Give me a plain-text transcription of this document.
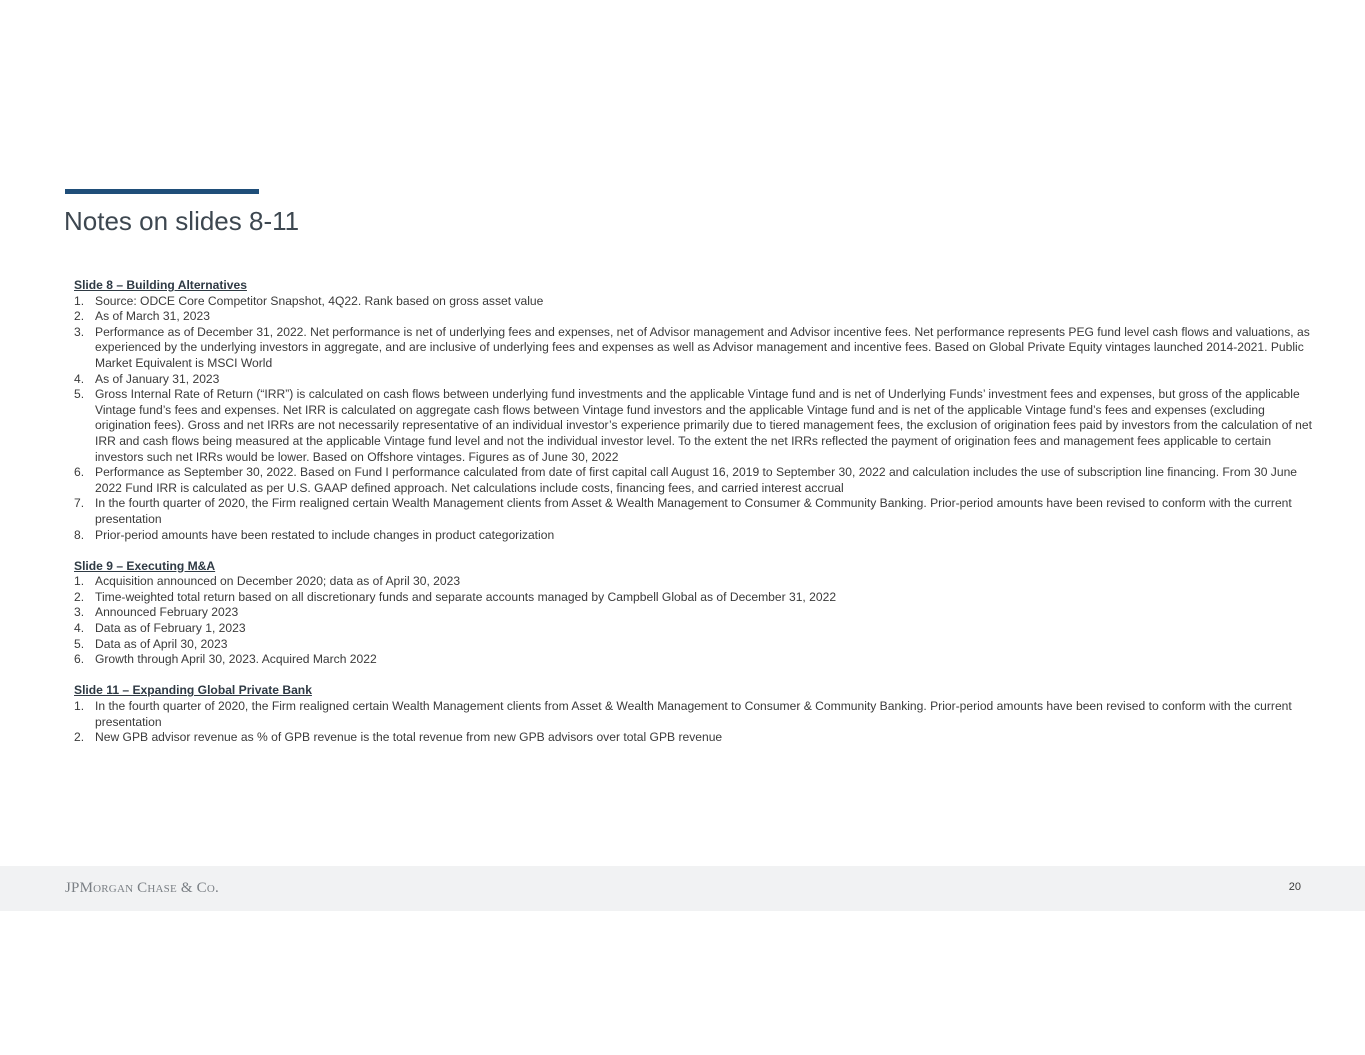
Notes on slides 8-11
Slide 8 – Building Alternatives
1. Source: ODCE Core Competitor Snapshot, 4Q22. Rank based on gross asset value
2. As of March 31, 2023
3. Performance as of December 31, 2022. Net performance is net of underlying fees and expenses, net of Advisor management and Advisor incentive fees. Net performance represents PEG fund level cash flows and valuations, as experienced by the underlying investors in aggregate, and are inclusive of underlying fees and expenses as well as Advisor management and incentive fees. Based on Global Private Equity vintages launched 2014-2021. Public Market Equivalent is MSCI World
4. As of January 31, 2023
5. Gross Internal Rate of Return (“IRR”) is calculated on cash flows between underlying fund investments and the applicable Vintage fund and is net of Underlying Funds’ investment fees and expenses, but gross of the applicable Vintage fund’s fees and expenses. Net IRR is calculated on aggregate cash flows between Vintage fund investors and the applicable Vintage fund and is net of the applicable Vintage fund’s fees and expenses (excluding origination fees). Gross and net IRRs are not necessarily representative of an individual investor’s experience primarily due to tiered management fees, the exclusion of origination fees paid by investors from the calculation of net IRR and cash flows being measured at the applicable Vintage fund level and not the individual investor level. To the extent the net IRRs reflected the payment of origination fees and management fees applicable to certain investors such net IRRs would be lower. Based on Offshore vintages. Figures as of June 30, 2022
6. Performance as September 30, 2022. Based on Fund I performance calculated from date of first capital call August 16, 2019 to September 30, 2022 and calculation includes the use of subscription line financing. From 30 June 2022 Fund IRR is calculated as per U.S. GAAP defined approach. Net calculations include costs, financing fees, and carried interest accrual
7. In the fourth quarter of 2020, the Firm realigned certain Wealth Management clients from Asset & Wealth Management to Consumer & Community Banking. Prior-period amounts have been revised to conform with the current presentation
8. Prior-period amounts have been restated to include changes in product categorization
Slide 9 – Executing M&A
1. Acquisition announced on December 2020; data as of April 30, 2023
2. Time-weighted total return based on all discretionary funds and separate accounts managed by Campbell Global as of December 31, 2022
3. Announced February 2023
4. Data as of February 1, 2023
5. Data as of April 30, 2023
6. Growth through April 30, 2023. Acquired March 2022
Slide 11 – Expanding Global Private Bank
1. In the fourth quarter of 2020, the Firm realigned certain Wealth Management clients from Asset & Wealth Management to Consumer & Community Banking. Prior-period amounts have been revised to conform with the current presentation
2. New GPB advisor revenue as % of GPB revenue is the total revenue from new GPB advisors over total GPB revenue
JPMorgan Chase & Co.	20
